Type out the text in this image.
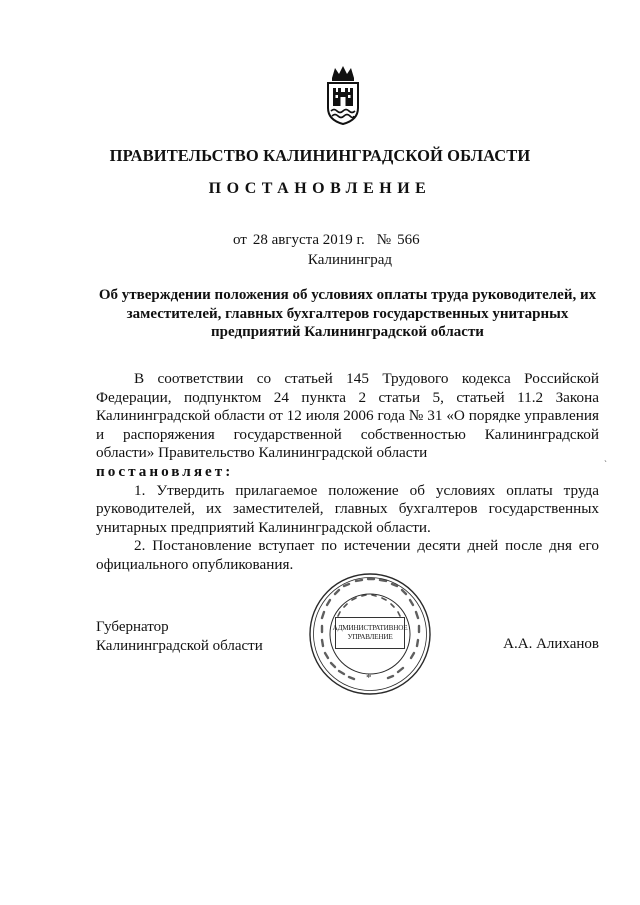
ПРАВИТЕЛЬСТВО КАЛИНИНГРАДСКОЙ ОБЛАСТИ
ПОСТАНОВЛЕНИЕ
от 28 августа 2019 г. № 566
Калининград
Об утверждении положения об условиях оплаты труда руководителей, их заместителей, главных бухгалтеров государственных унитарных предприятий Калининградской области

В соответствии со статьей 145 Трудового кодекса Российской Федерации, подпунктом 24 пункта 2 статьи 5, статьей 11.2 Закона Калининградской области от 12 июля 2006 года № 31 «О порядке управления и распоряжения государственной собственностью Калининградской области» Правительство Калининградской области

постановляет:

1. Утвердить прилагаемое положение об условиях оплаты труда руководителей, их заместителей, главных бухгалтеров государственных унитарных предприятий Калининградской области.

2. Постановление вступает по истечении десяти дней после дня его официального опубликования.

`
Губернатор
Калининградской области
АДМИНИСТРАТИВНОЕ
УПРАВЛЕНИЕ
*
А.А. Алиханов
